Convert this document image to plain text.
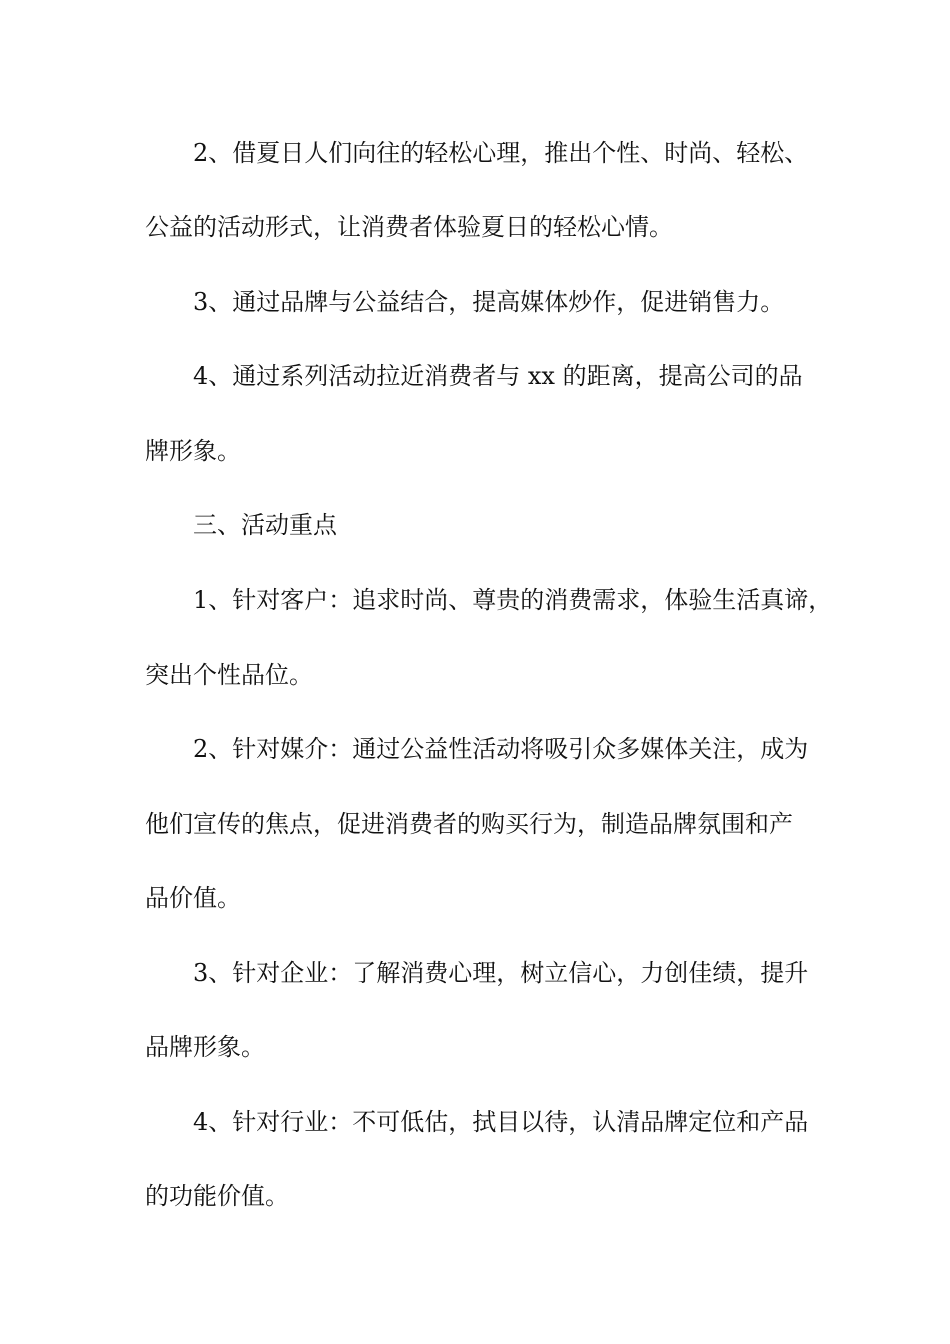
2、借夏日人们向往的轻松心理，推出个性、时尚、轻松、
公益的活动形式，让消费者体验夏日的轻松心情。
3、通过品牌与公益结合，提高媒体炒作，促进销售力。
4、通过系列活动拉近消费者与 xx 的距离，提高公司的品
牌形象。
三、活动重点
1、针对客户：追求时尚、尊贵的消费需求，体验生活真谛，
突出个性品位。
2、针对媒介：通过公益性活动将吸引众多媒体关注，成为
他们宣传的焦点，促进消费者的购买行为，制造品牌氛围和产
品价值。
3、针对企业：了解消费心理，树立信心，力创佳绩，提升
品牌形象。
4、针对行业：不可低估，拭目以待，认清品牌定位和产品
的功能价值。
